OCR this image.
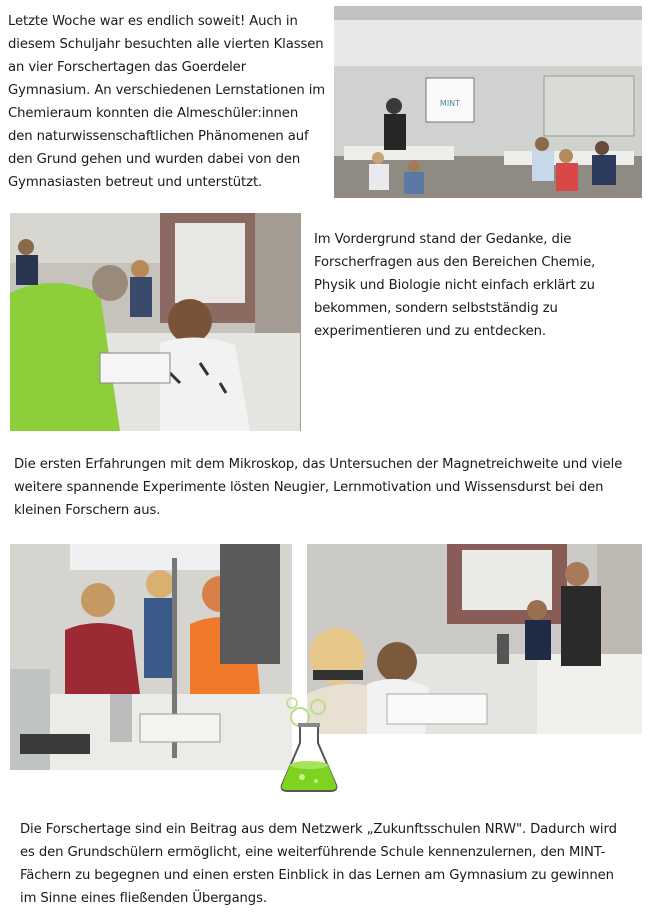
Letzte Woche war es endlich soweit! Auch in diesem Schuljahr besuchten alle vierten Klassen an vier Forschertagen das Goerdeler Gymnasium. An verschiedenen Lernstationen im Chemieraum konnten die Almeschüler:innen den naturwissenschaftlichen Phänomenen auf den Grund gehen und wurden dabei von den Gymnasiasten betreut und unterstützt.
MINT
Im Vordergrund stand der Gedanke, die Forscherfragen aus den Bereichen Chemie, Physik und Biologie nicht einfach erklärt zu bekommen, sondern selbstständig zu experimentieren und zu entdecken.
Die ersten Erfahrungen mit dem Mikroskop, das Untersuchen der Magnetreichweite und viele weitere spannende Experimente lösten Neugier, Lernmotivation und Wissensdurst bei den kleinen Forschern aus.
Die Forschertage sind ein Beitrag aus dem Netzwerk „Zukunftsschulen NRW". Dadurch wird es den Grundschülern ermöglicht, eine weiterführende Schule kennenzulernen, den MINT-Fächern zu begegnen und einen ersten Einblick in das Lernen am Gymnasium zu gewinnen im Sinne eines fließenden Übergangs.
